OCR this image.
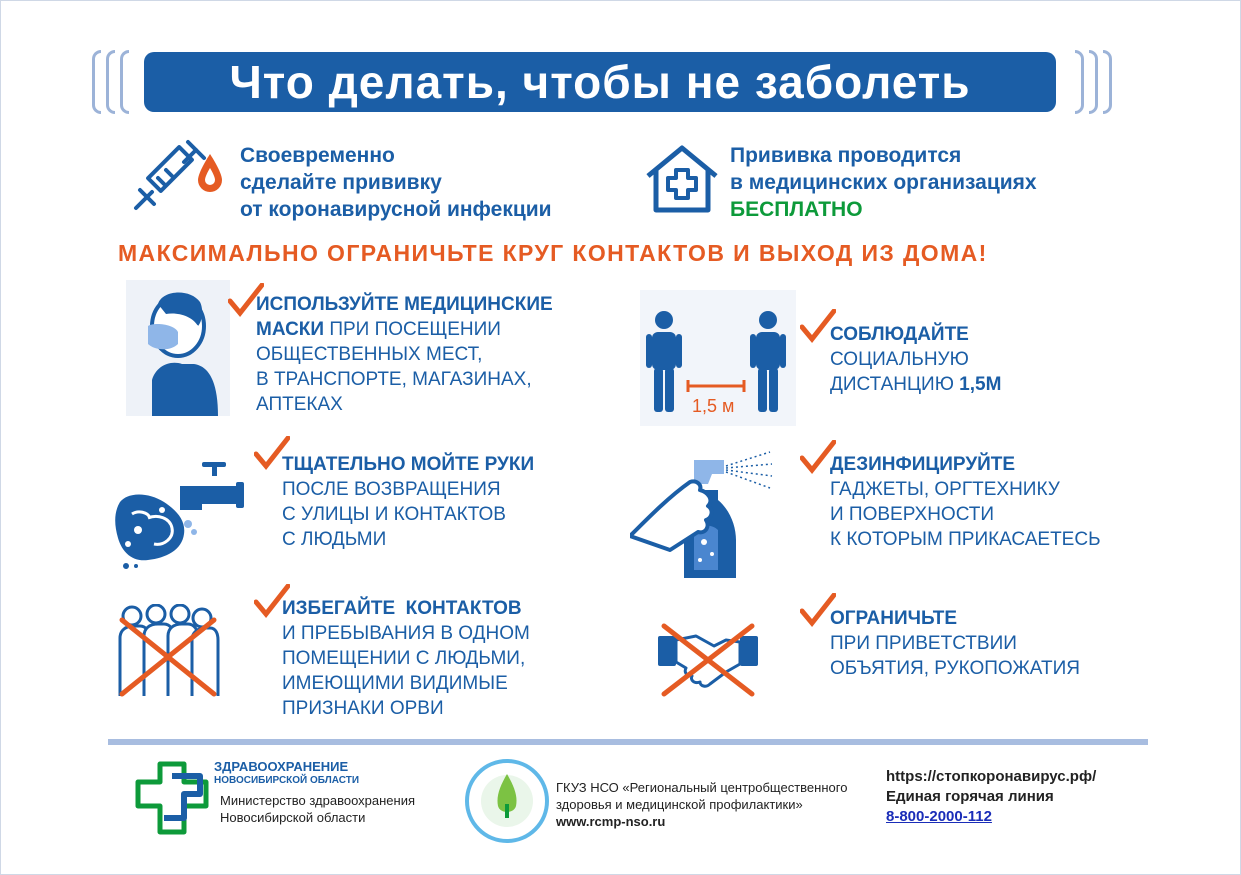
Что делать, чтобы не заболеть
Своевременно
сделайте прививку
от коронавирусной инфекции
Прививка проводится
в медицинских организациях
БЕСПЛАТНО
МАКСИМАЛЬНО ОГРАНИЧЬТЕ КРУГ КОНТАКТОВ И ВЫХОД ИЗ ДОМА!
ИСПОЛЬЗУЙТЕ МЕДИЦИНСКИЕ
МАСКИ ПРИ ПОСЕЩЕНИИ
ОБЩЕСТВЕННЫХ МЕСТ,
В ТРАНСПОРТЕ, МАГАЗИНАХ,
АПТЕКАХ	1,5 м
СОБЛЮДАЙТЕ
СОЦИАЛЬНУЮ
ДИСТАНЦИЮ 1,5М
ТЩАТЕЛЬНО МОЙТЕ РУКИ
ПОСЛЕ ВОЗВРАЩЕНИЯ
С УЛИЦЫ И КОНТАКТОВ
С ЛЮДЬМИ
ДЕЗИНФИЦИРУЙТЕ
ГАДЖЕТЫ, ОРГТЕХНИКУ
И ПОВЕРХНОСТИ
К КОТОРЫМ ПРИКАСАЕТЕСЬ
ИЗБЕГАЙТЕ  КОНТАКТОВ
И ПРЕБЫВАНИЯ В ОДНОМ
ПОМЕЩЕНИИ С ЛЮДЬМИ,
ИМЕЮЩИМИ ВИДИМЫЕ
ПРИЗНАКИ ОРВИ
ОГРАНИЧЬТЕ
ПРИ ПРИВЕТСТВИИ
ОБЪЯТИЯ, РУКОПОЖАТИЯ
ЗДРАВООХРАНЕНИЕ
НОВОСИБИРСКОЙ ОБЛАСТИ
Министерство здравоохранения
Новосибирской области
ГКУЗ НСО «Региональный центробщественного
здоровья и медицинской профилактики»
www.rcmp-nso.ru
https://стопкоронавирус.рф/
Единая горячая линия
8-800-2000-112
